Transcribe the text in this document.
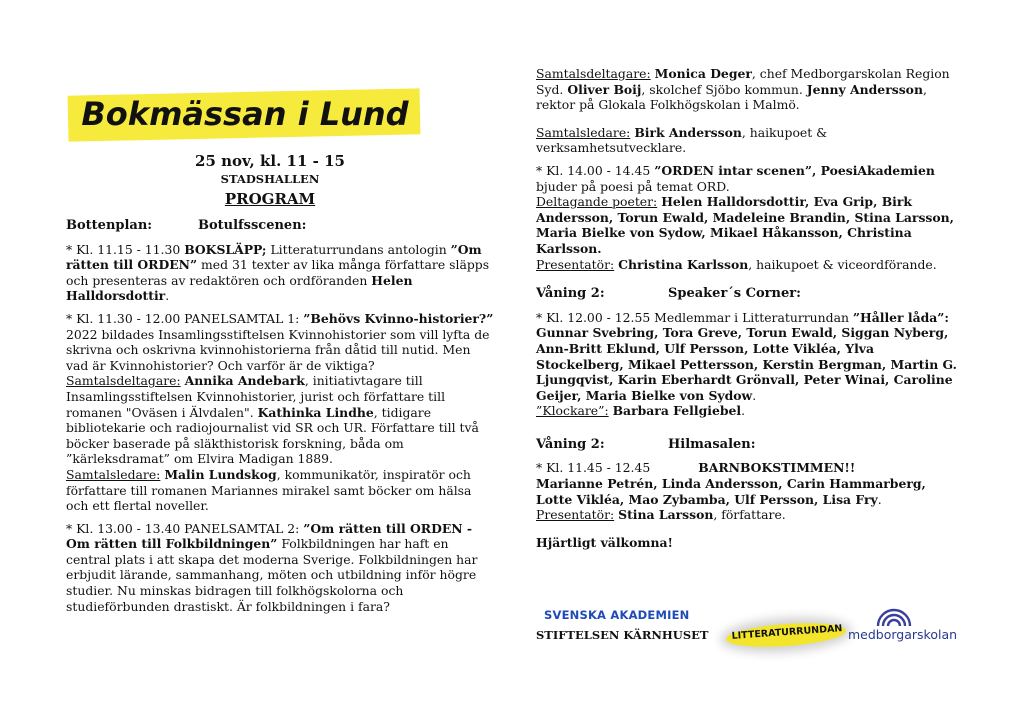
Bokmässan i Lund

25 nov, kl. 11 - 15

STADSHALLEN

PROGRAM

Bottenplan:	Botulfsscenen:

* Kl. 11.15 - 11.30 BOKSLÄPP; Litteraturrundans antologin ”Om rätten till ORDEN” med 31 texter av lika många författare släpps och presenteras av redaktören och ordföranden Helen Halldorsdottir.

* Kl. 11.30 - 12.00 PANELSAMTAL 1: ”Behövs Kvinno-historier?” 2022 bildades Insamlingsstiftelsen Kvinnohistorier som vill lyfta de skrivna och oskrivna kvinnohistorierna från dåtid till nutid. Men vad är Kvinnohistorier? Och varför är de viktiga?
Samtalsdeltagare: Annika Andebark, initiativtagare till Insamlingsstiftelsen Kvinnohistorier, jurist och författare till romanen "Oväsen i Älvdalen". Kathinka Lindhe, tidigare bibliotekarie och radiojournalist vid SR och UR. Författare till två böcker baserade på släkthistorisk forskning, båda om ”kärleksdramat” om Elvira Madigan 1889.
Samtalsledare: Malin Lundskog, kommunikatör, inspiratör och författare till romanen Mariannes mirakel samt böcker om hälsa och ett flertal noveller.

* Kl. 13.00 - 13.40 PANELSAMTAL 2: ”Om rätten till ORDEN - Om rätten till Folkbildningen” Folkbildningen har haft en central plats i att skapa det moderna Sverige. Folkbildningen har erbjudit lärande, sammanhang, möten och utbildning inför högre studier. Nu minskas bidragen till folkhögskolorna och studieförbunden drastiskt. Är folkbildningen i fara?

Samtalsdeltagare: Monica Deger, chef Medborgarskolan Region Syd. Oliver Boij, skolchef Sjöbo kommun. Jenny Andersson, rektor på Glokala Folkhögskolan i Malmö.

Samtalsledare: Birk Andersson, haikupoet & verksamhetsutvecklare.

* Kl. 14.00 - 14.45 ”ORDEN intar scenen”, PoesiAkademien bjuder på poesi på temat ORD.
Deltagande poeter: Helen Halldorsdottir, Eva Grip, Birk Andersson, Torun Ewald, Madeleine Brandin, Stina Larsson, Maria Bielke von Sydow, Mikael Håkansson, Christina Karlsson.
Presentatör: Christina Karlsson, haikupoet & viceordförande.

Våning 2:	Speaker´s Corner:

* Kl. 12.00 - 12.55 Medlemmar i Litteraturrundan ”Håller låda”: Gunnar Svebring, Tora Greve, Torun Ewald, Siggan Nyberg, Ann-Britt Eklund, Ulf Persson, Lotte Vikléa, Ylva Stockelberg, Mikael Pettersson, Kerstin Bergman, Martin G. Ljungqvist, Karin Eberhardt Grönvall, Peter Winai, Caroline Geijer, Maria Bielke von Sydow.
”Klockare”: Barbara Fellgiebel.

Våning 2:	Hilmasalen:

* Kl. 11.45 - 12.45	BARNBOKSTIMMEN!!
Marianne Petrén, Linda Andersson, Carin Hammarberg, Lotte Vikléa, Mao Zybamba, Ulf Persson, Lisa Fry.
Presentatör: Stina Larsson, författare.

Hjärtligt välkomna!

SVENSKA AKADEMIEN
STIFTELSEN KÄRNHUSET LITTERATURRUNDAN medborgarskolan
